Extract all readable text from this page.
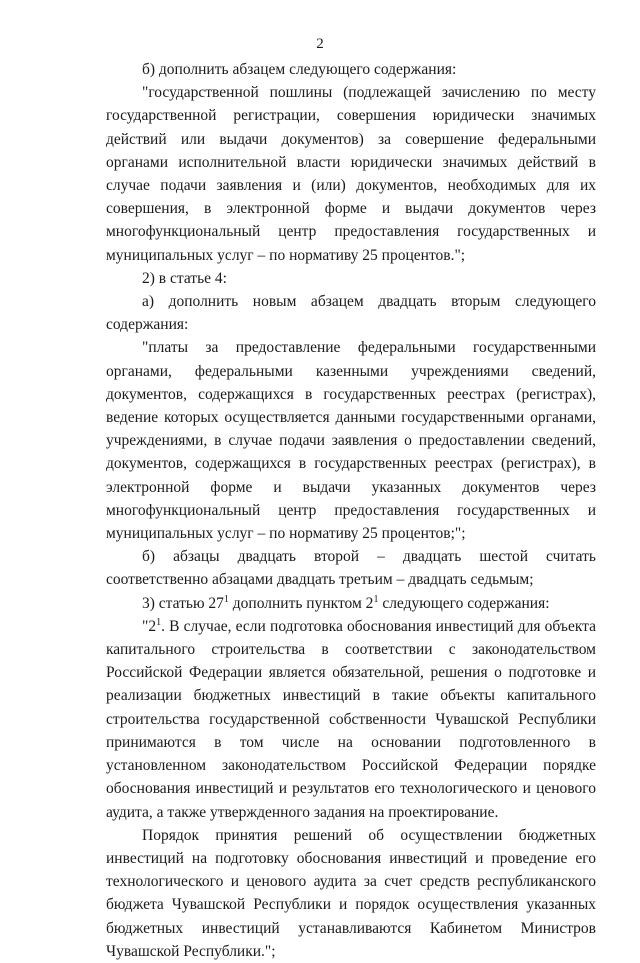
2

б) дополнить абзацем следующего содержания:

"государственной пошлины (подлежащей зачислению по месту государственной регистрации, совершения юридически значимых действий или выдачи документов) за совершение федеральными органами исполнительной власти юридически значимых действий в случае подачи заявления и (или) документов, необходимых для их совершения, в электронной форме и выдачи документов через многофункциональный центр предоставления государственных и муниципальных услуг – по нормативу 25 процентов.";

2) в статье 4:

а) дополнить новым абзацем двадцать вторым следующего содержания:

"платы за предоставление федеральными государственными органами, федеральными казенными учреждениями сведений, документов, содержащихся в государственных реестрах (регистрах), ведение которых осуществляется данными государственными органами, учреждениями, в случае подачи заявления о предоставлении сведений, документов, содержащихся в государственных реестрах (регистрах), в электронной форме и выдачи указанных документов через многофункциональный центр предоставления государственных и муниципальных услуг – по нормативу 25 процентов;";

б) абзацы двадцать второй – двадцать шестой считать соответственно абзацами двадцать третьим – двадцать седьмым;

3) статью $27^1$ дополнить пунктом $2^1$ следующего содержания:

"$2^1$. В случае, если подготовка обоснования инвестиций для объекта капитального строительства в соответствии с законодательством Российской Федерации является обязательной, решения о подготовке и реализации бюджетных инвестиций в такие объекты капитального строительства государственной собственности Чувашской Республики принимаются в том числе на основании подготовленного в установленном законодательством Российской Федерации порядке обоснования инвестиций и результатов его технологического и ценового аудита, а также утвержденного задания на проектирование.

Порядок принятия решений об осуществлении бюджетных инвестиций на подготовку обоснования инвестиций и проведение его технологического и ценового аудита за счет средств республиканского бюджета Чувашской Республики и порядок осуществления указанных бюджетных инвестиций устанавливаются Кабинетом Министров Чувашской Республики.";
